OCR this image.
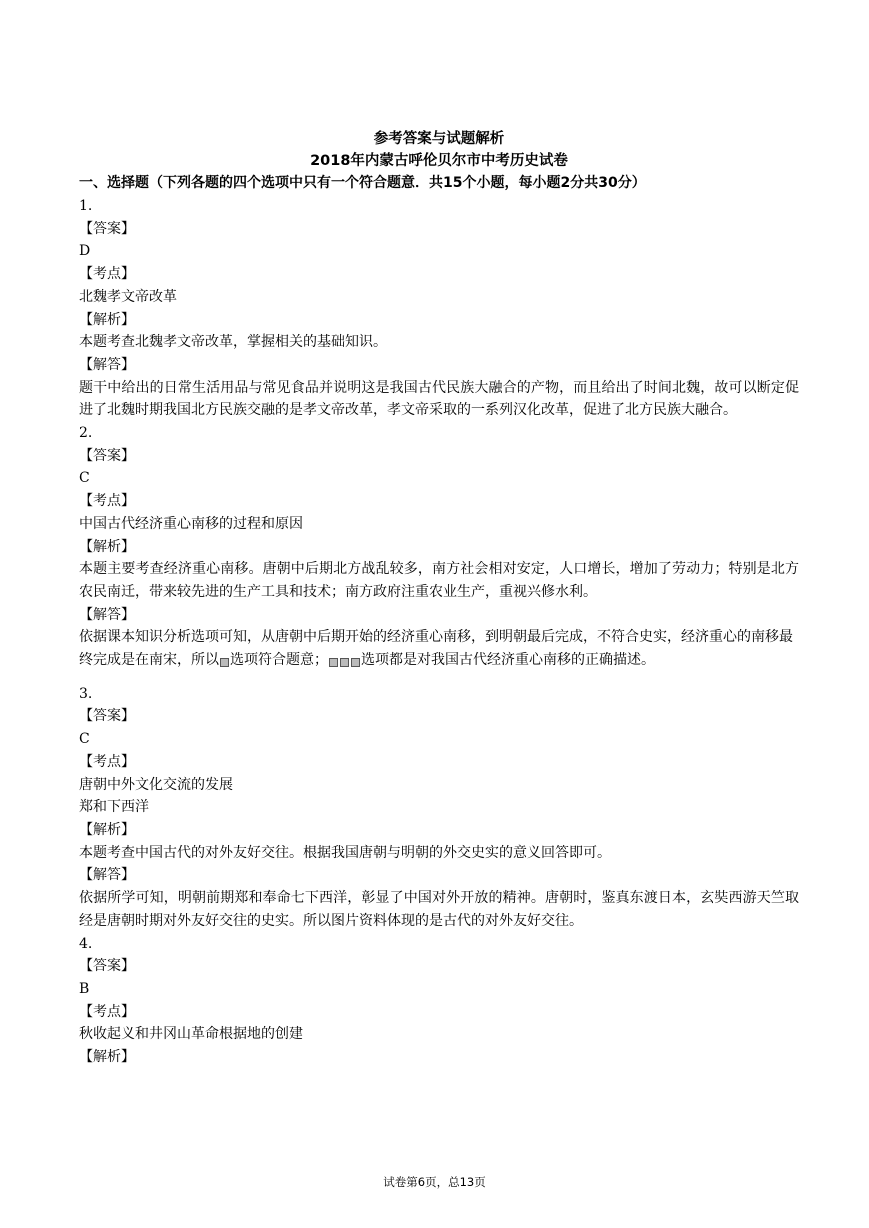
参考答案与试题解析
2018年内蒙古呼伦贝尔市中考历史试卷
一、选择题（下列各题的四个选项中只有一个符合题意．共15个小题，每小题2分共30分）
1.
【答案】
D
【考点】
北魏孝文帝改革
【解析】
本题考查北魏孝文帝改革，掌握相关的基础知识。
【解答】
题干中给出的日常生活用品与常见食品并说明这是我国古代民族大融合的产物，而且给出了时间北魏，故可以断定促进了北魏时期我国北方民族交融的是孝文帝改革，孝文帝采取的一系列汉化改革，促进了北方民族大融合。
2.
【答案】
C
【考点】
中国古代经济重心南移的过程和原因
【解析】
本题主要考查经济重心南移。唐朝中后期北方战乱较多，南方社会相对安定，人口增长，增加了劳动力；特别是北方农民南迁，带来较先进的生产工具和技术；南方政府注重农业生产，重视兴修水利。
【解答】
依据课本知识分析选项可知，从唐朝中后期开始的经济重心南移，到明朝最后完成，不符合史实，经济重心的南移最终完成是在南宋，所以 选项符合题意； 选项都是对我国古代经济重心南移的正确描述。
3.
【答案】
C
【考点】
唐朝中外文化交流的发展
郑和下西洋
【解析】
本题考查中国古代的对外友好交往。根据我国唐朝与明朝的外交史实的意义回答即可。
【解答】
依据所学可知，明朝前期郑和奉命七下西洋，彰显了中国对外开放的精神。唐朝时，鉴真东渡日本，玄奘西游天竺取经是唐朝时期对外友好交往的史实。所以图片资料体现的是古代的对外友好交往。
4.
【答案】
B
【考点】
秋收起义和井冈山革命根据地的创建
【解析】
试卷第6页，总13页
